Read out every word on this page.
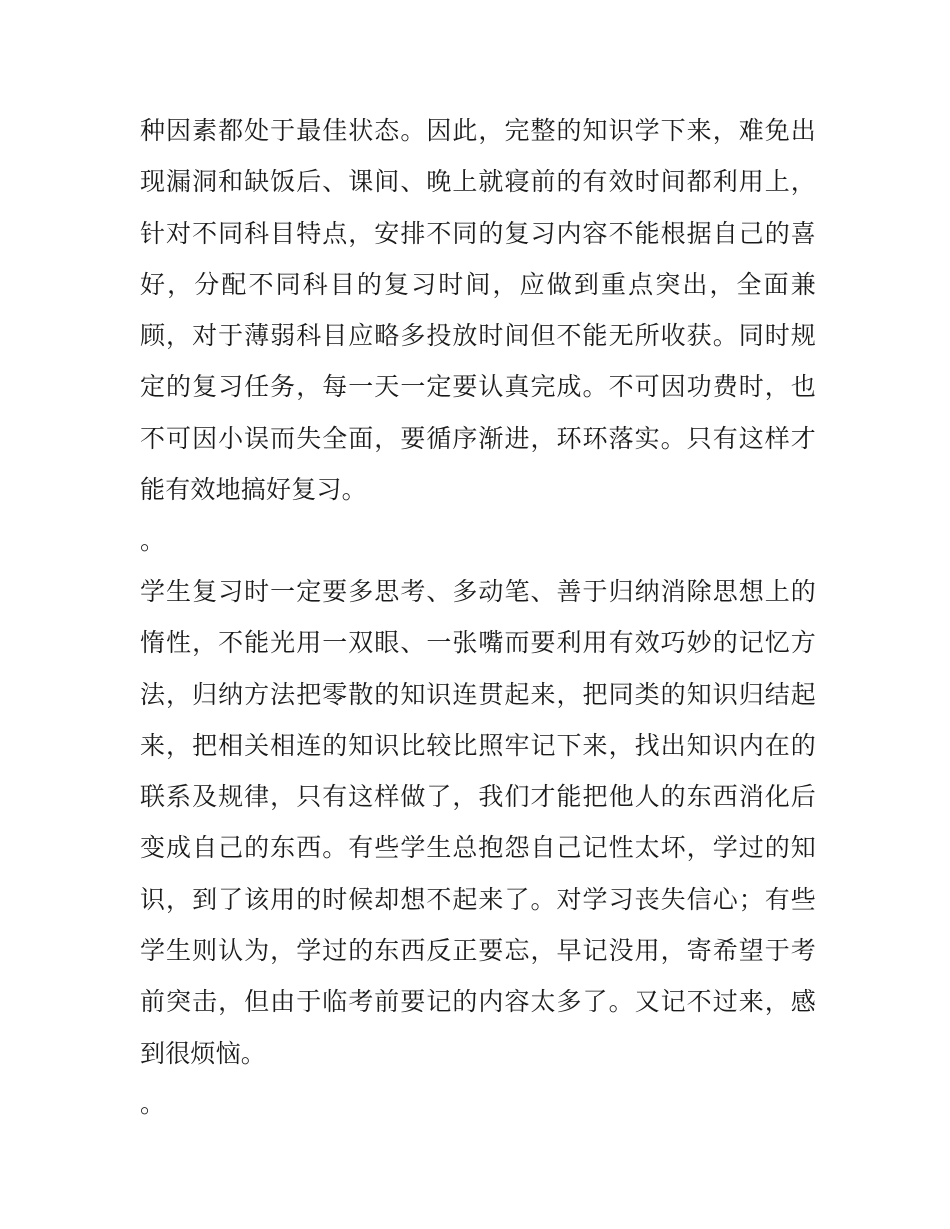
种因素都处于最佳状态。因此，完整的知识学下来，难免出现漏洞和缺饭后、课间、晚上就寝前的有效时间都利用上，针对不同科目特点，安排不同的复习内容不能根据自己的喜好，分配不同科目的复习时间，应做到重点突出，全面兼顾，对于薄弱科目应略多投放时间但不能无所收获。同时规定的复习任务，每一天一定要认真完成。不可因功费时，也不可因小误而失全面，要循序渐进，环环落实。只有这样才能有效地搞好复习。

。

学生复习时一定要多思考、多动笔、善于归纳消除思想上的惰性，不能光用一双眼、一张嘴而要利用有效巧妙的记忆方法，归纳方法把零散的知识连贯起来，把同类的知识归结起来，把相关相连的知识比较比照牢记下来，找出知识内在的联系及规律，只有这样做了，我们才能把他人的东西消化后变成自己的东西。有些学生总抱怨自己记性太坏，学过的知识，到了该用的时候却想不起来了。对学习丧失信心；有些学生则认为，学过的东西反正要忘，早记没用，寄希望于考前突击，但由于临考前要记的内容太多了。又记不过来，感到很烦恼。

。
